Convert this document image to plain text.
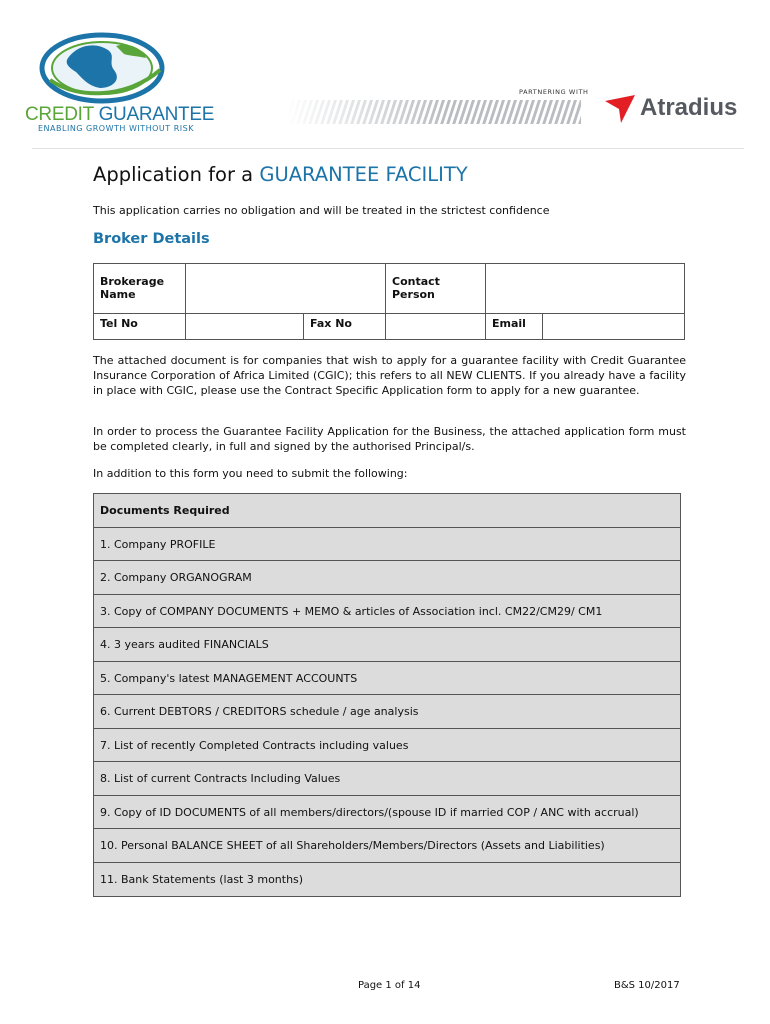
CREDIT GUARANTEE
ENABLING GROWTH WITHOUT RISK
PARTNERING WITH
Atradius
Application for a GUARANTEE FACILITY
This application carries no obligation and will be treated in the strictest confidence
Broker Details
Brokerage Name			Contact Person		
Tel No		Fax No		Email	
The attached document is for companies that wish to apply for a guarantee facility with Credit Guarantee Insurance Corporation of Africa Limited (CGIC); this refers to all NEW CLIENTS. If you already have a facility in place with CGIC, please use the Contract Specific Application form to apply for a new guarantee.
In order to process the Guarantee Facility Application for the Business, the attached application form must be completed clearly, in full and signed by the authorised Principal/s.
In addition to this form you need to submit the following:
Documents Required
1. Company PROFILE
2. Company ORGANOGRAM
3. Copy of COMPANY DOCUMENTS + MEMO & articles of Association incl. CM22/CM29/ CM1
4. 3 years audited FINANCIALS
5. Company's latest MANAGEMENT ACCOUNTS
6. Current DEBTORS / CREDITORS schedule / age analysis
7. List of recently Completed Contracts including values
8. List of current Contracts Including Values
9. Copy of ID DOCUMENTS of all members/directors/(spouse ID if married COP / ANC with accrual)
10. Personal BALANCE SHEET of all Shareholders/Members/Directors (Assets and Liabilities)
11. Bank Statements (last 3 months)
Page 1 of 14	B&S 10/2017
